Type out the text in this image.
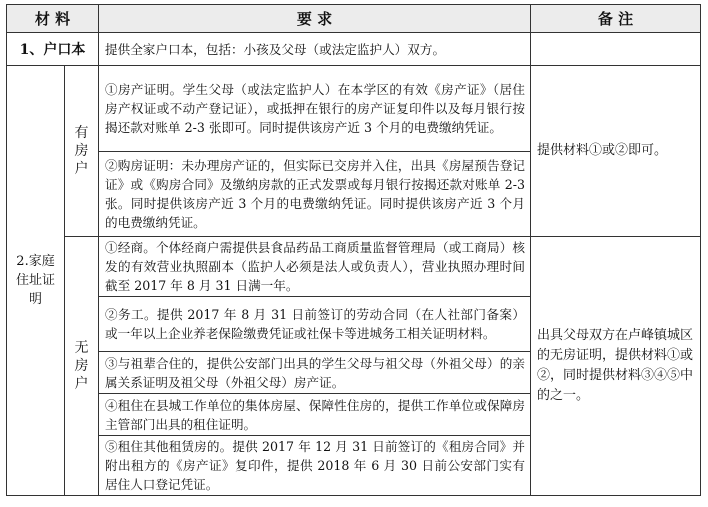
材 料		要 求	备 注
1、户口本		提供全家户口本，包括：小孩及父母（或法定监护人）双方。	
2.家庭住址证明	有房户	①房产证明。学生父母（或法定监护人）在本学区的有效《房产证》（居住房产权证或不动产登记证），或抵押在银行的房产证复印件以及每月银行按揭还款对账单 2-3 张即可。同时提供该房产近 3 个月的电费缴纳凭证。	提供材料①或②即可。
		②购房证明：未办理房产证的，但实际已交房并入住，出具《房屋预告登记证》或《购房合同》及缴纳房款的正式发票或每月银行按揭还款对账单 2-3 张。同时提供该房产近 3 个月的电费缴纳凭证。同时提供该房产近 3 个月的电费缴纳凭证。	
	无房户	①经商。个体经商户需提供县食品药品工商质量监督管理局（或工商局）核发的有效营业执照副本（监护人必须是法人或负责人），营业执照办理时间截至 2017 年 8 月 31 日满一年。	出具父母双方在卢峰镇城区的无房证明，提供材料①或②，同时提供材料③④⑤中的之一。
		②务工。提供 2017 年 8 月 31 日前签订的劳动合同（在人社部门备案）或一年以上企业养老保险缴费凭证或社保卡等进城务工相关证明材料。	
		③与祖辈合住的，提供公安部门出具的学生父母与祖父母（外祖父母）的亲属关系证明及祖父母（外祖父母）房产证。	
		④租住在县城工作单位的集体房屋、保障性住房的，提供工作单位或保障房主管部门出具的租住证明。	
		⑤租住其他租赁房的。提供 2017 年 12 月 31 日前签订的《租房合同》并附出租方的《房产证》复印件，提供 2018 年 6 月 30 日前公安部门实有居住人口登记凭证。	
